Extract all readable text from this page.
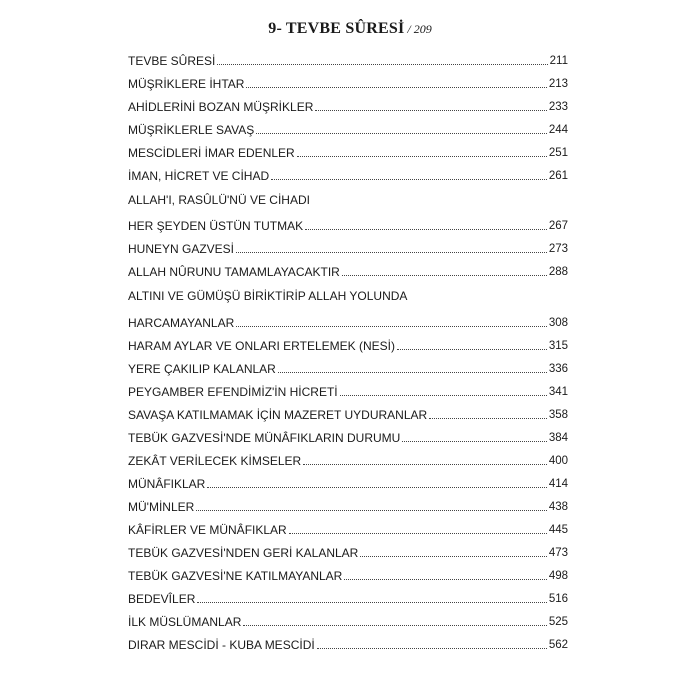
9- TEVBE SÛRESİ / 209
TEVBE SÛRESİ	211
MÜŞRİKLERE İHTAR	213
AHİDLERİNİ BOZAN MÜŞRİKLER	233
MÜŞRİKLERLE SAVAŞ	244
MESCİDLERİ İMAR EDENLER	251
İMAN, HİCRET VE CİHAD	261
ALLAH'I, RASÛLÜ'NÜ VE CİHADI
HER ŞEYDEN ÜSTÜN TUTMAK	267
HUNEYN GAZVESİ	273
ALLAH NÛRUNU TAMAMLAYACAKTIR	288
ALTINI VE GÜMÜŞÜ BİRİKTİRİP ALLAH YOLUNDA
HARCAMAYANLAR	308
HARAM AYLAR VE ONLARI ERTELEMEK (NESİ)	315
YERE ÇAKILIP KALANLAR	336
PEYGAMBER EFENDİMİZ'İN HİCRETİ	341
SAVAŞA KATILMAMAK İÇİN MAZERET UYDURANLAR	358
TEBÜK GAZVESİ'NDE MÜNÂFIKLARIN DURUMU	384
ZEKÂT VERİLECEK KİMSELER	400
MÜNÂFIKLAR	414
MÜ'MİNLER	438
KÂFİRLER VE MÜNÂFIKLAR	445
TEBÜK GAZVESİ'NDEN GERİ KALANLAR	473
TEBÜK GAZVESİ'NE KATILMAYANLAR	498
BEDEVÎLER	516
İLK MÜSLÜMANLAR	525
DIRAR MESCİDİ - KUBA MESCİDİ	562
